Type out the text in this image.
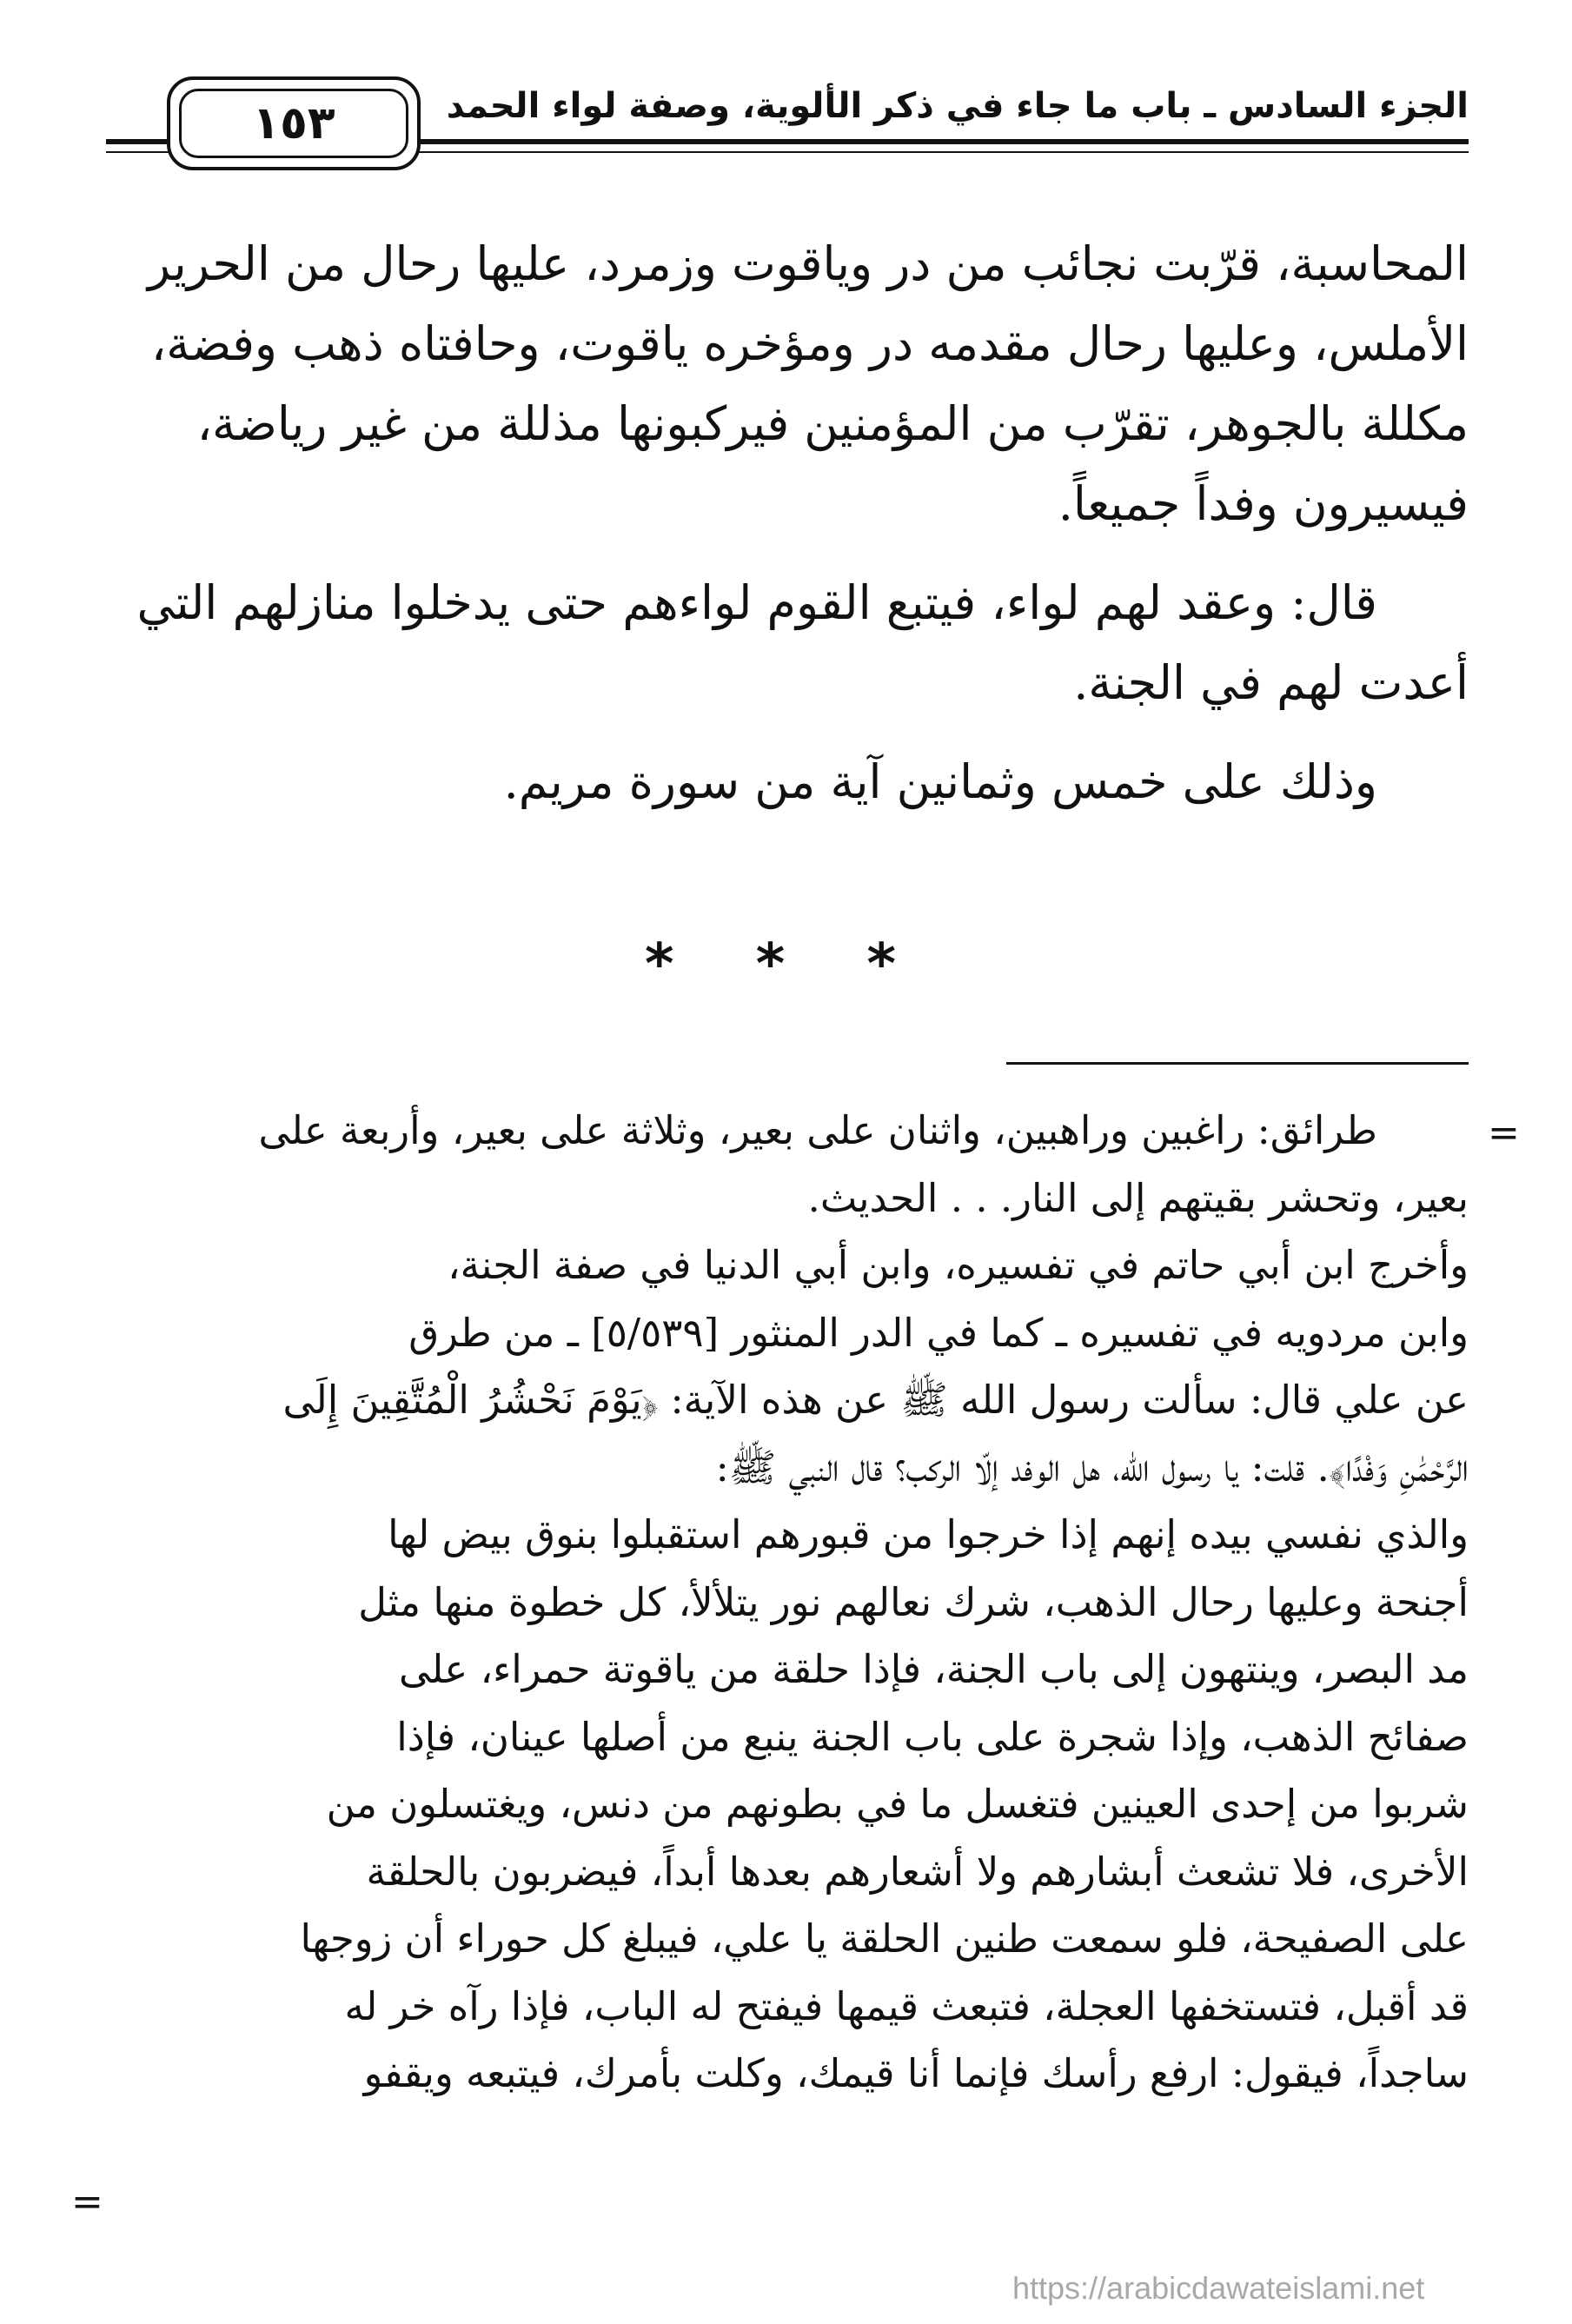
الجزء السادس ـ باب ما جاء في ذكر الألوية، وصفة لواء الحمد
١٥٣

المحاسبة، قرّبت نجائب من در وياقوت وزمرد، عليها رحال من الحرير

الأملس، وعليها رحال مقدمه در ومؤخره ياقوت، وحافتاه ذهب وفضة،

مكللة بالجوهر، تقرّب من المؤمنين فيركبونها مذللة من غير رياضة،

فيسيرون وفداً جميعاً.

قال: وعقد لهم لواء، فيتبع القوم لواءهم حتى يدخلوا منازلهم التي

أعدت لهم في الجنة.

وذلك على خمس وثمانين آية من سورة مريم.

* * *
=

طرائق: راغبين وراهبين، واثنان على بعير، وثلاثة على بعير، وأربعة على

بعير، وتحشر بقيتهم إلى النار. . . الحديث.

وأخرج ابن أبي حاتم في تفسيره، وابن أبي الدنيا في صفة الجنة،

وابن مردويه في تفسيره ـ كما في الدر المنثور [٥/٥٣٩] ـ من طرق

عن علي قال: سألت رسول الله ﷺ عن هذه الآية: ﴿يَوْمَ نَحْشُرُ الْمُتَّقِينَ إِلَى

الرَّحْمَٰنِ وَفْدًا﴾. قلت: يا رسول الله، هل الوفد إلّا الركب؟ قال النبي ﷺ:

والذي نفسي بيده إنهم إذا خرجوا من قبورهم استقبلوا بنوق بيض لها

أجنحة وعليها رحال الذهب، شرك نعالهم نور يتلألأ، كل خطوة منها مثل

مد البصر، وينتهون إلى باب الجنة، فإذا حلقة من ياقوتة حمراء، على

صفائح الذهب، وإذا شجرة على باب الجنة ينبع من أصلها عينان، فإذا

شربوا من إحدى العينين فتغسل ما في بطونهم من دنس، ويغتسلون من

الأخرى، فلا تشعث أبشارهم ولا أشعارهم بعدها أبداً، فيضربون بالحلقة

على الصفيحة، فلو سمعت طنين الحلقة يا علي، فيبلغ كل حوراء أن زوجها

قد أقبل، فتستخفها العجلة، فتبعث قيمها فيفتح له الباب، فإذا رآه خر له

ساجداً، فيقول: ارفع رأسك فإنما أنا قيمك، وكلت بأمرك، فيتبعه ويقفو

=
https://arabicdawateislami.net
